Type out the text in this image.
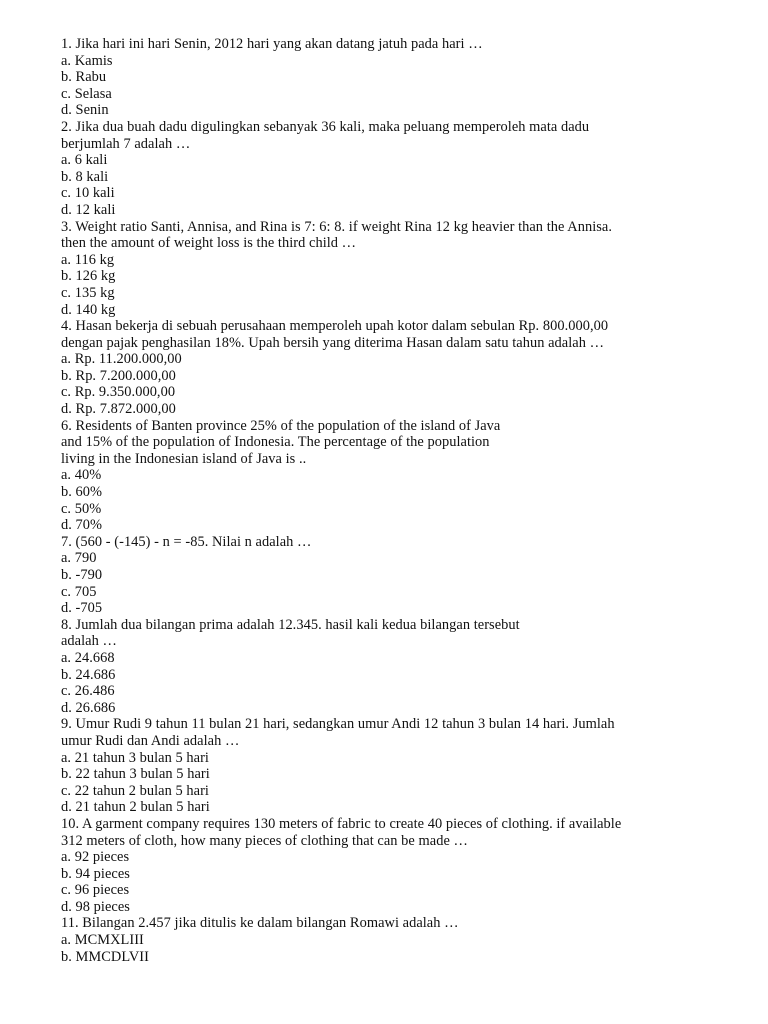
1. Jika hari ini hari Senin, 2012 hari yang akan datang jatuh pada hari …
a. Kamis
b. Rabu
c. Selasa
d. Senin
2. Jika dua buah dadu digulingkan sebanyak 36 kali, maka peluang memperoleh mata dadu
berjumlah 7 adalah …
a. 6 kali
b. 8 kali
c. 10 kali
d. 12 kali
3. Weight ratio Santi, Annisa, and Rina is 7: 6: 8. if weight Rina 12 kg heavier than the Annisa.
then the amount of weight loss is the third child …
a. 116 kg
b. 126 kg
c. 135 kg
d. 140 kg
4. Hasan bekerja di sebuah perusahaan memperoleh upah kotor dalam sebulan Rp. 800.000,00
dengan pajak penghasilan 18%. Upah bersih yang diterima Hasan dalam satu tahun adalah …
a. Rp. 11.200.000,00
b. Rp. 7.200.000,00
c. Rp. 9.350.000,00
d. Rp. 7.872.000,00
6. Residents of Banten province 25% of the population of the island of Java
and 15% of the population of Indonesia. The percentage of the population
living in the Indonesian island of Java is ..
a. 40%
b. 60%
c. 50%
d. 70%
7. (560 - (-145) - n = -85. Nilai n adalah …
a. 790
b. -790
c. 705
d. -705
8. Jumlah dua bilangan prima adalah 12.345. hasil kali kedua bilangan tersebut
adalah …
a. 24.668
b. 24.686
c. 26.486
d. 26.686
9. Umur Rudi 9 tahun 11 bulan 21 hari, sedangkan umur Andi 12 tahun 3 bulan 14 hari. Jumlah
umur Rudi dan Andi adalah …
a. 21 tahun 3 bulan 5 hari
b. 22 tahun 3 bulan 5 hari
c. 22 tahun 2 bulan 5 hari
d. 21 tahun 2 bulan 5 hari
10. A garment company requires 130 meters of fabric to create 40 pieces of clothing. if available
312 meters of cloth, how many pieces of clothing that can be made …
a. 92 pieces
b. 94 pieces
c. 96 pieces
d. 98 pieces
11. Bilangan 2.457 jika ditulis ke dalam bilangan Romawi adalah …
a. MCMXLIII
b. MMCDLVII
